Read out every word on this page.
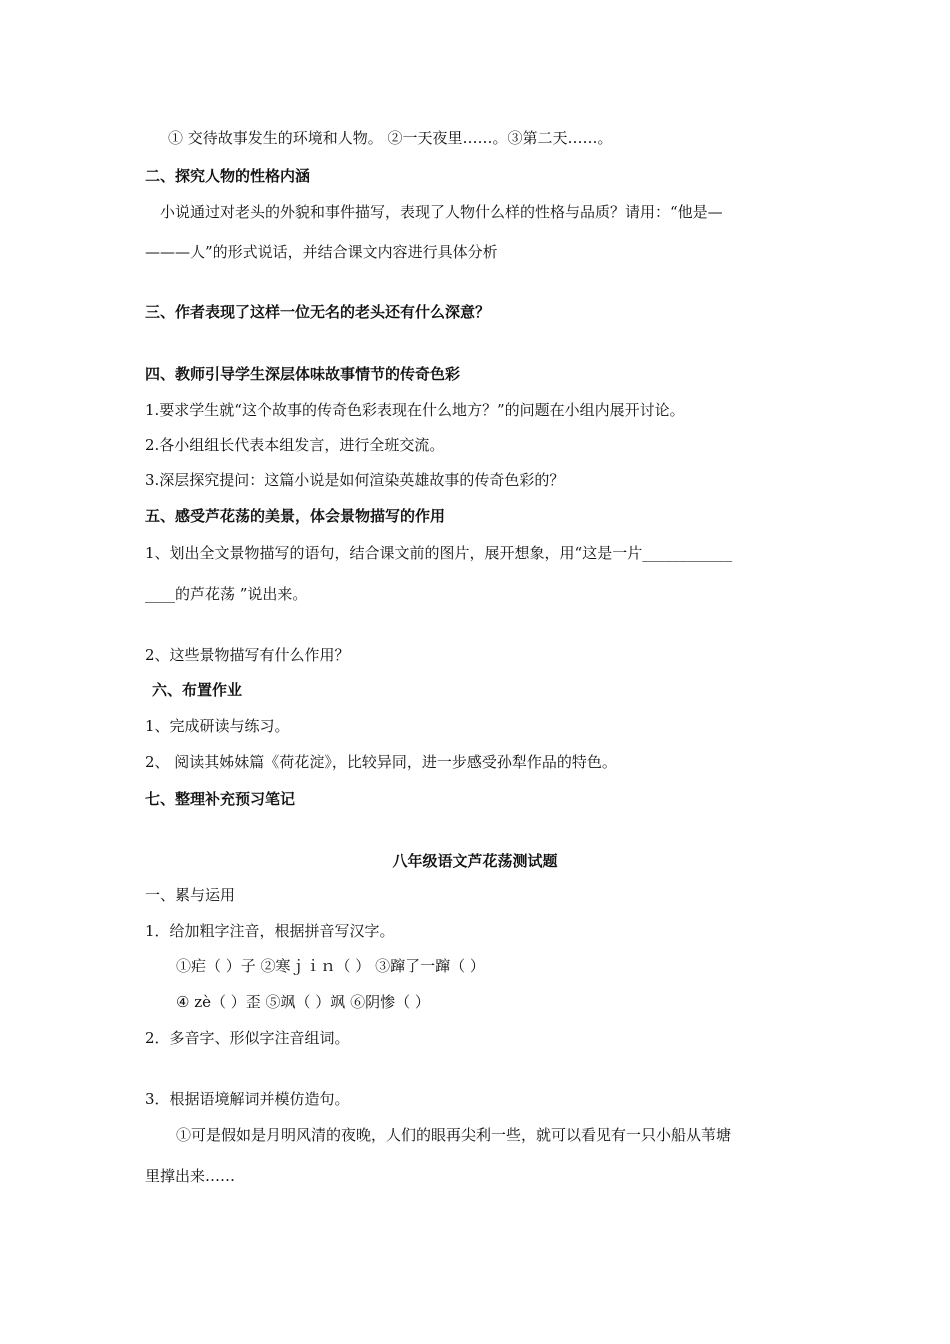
① 交待故事发生的环境和人物。 ②一天夜里……。③第二天……。
二、探究人物的性格内涵
小说通过对老头的外貌和事件描写，表现了人物什么样的性格与品质？请用：“他是—
———人”的形式说话，并结合课文内容进行具体分析
三、作者表现了这样一位无名的老头还有什么深意？
四、教师引导学生深层体味故事情节的传奇色彩
1.要求学生就“这个故事的传奇色彩表现在什么地方？”的问题在小组内展开讨论。
2.各小组组长代表本组发言，进行全班交流。
3.深层探究提问：这篇小说是如何渲染英雄故事的传奇色彩的？
五、感受芦花荡的美景，体会景物描写的作用
1、划出全文景物描写的语句，结合课文前的图片，展开想象，用“这是一片____________
____的芦花荡 ”说出来。
2、这些景物描写有什么作用？
六、布置作业
1、完成研读与练习。
2、 阅读其姊妹篇《荷花淀》，比较异同，进一步感受孙犁作品的特色。
七、整理补充预习笔记
八年级语文芦花荡测试题
一、累与运用
1．给加粗字注音，根据拼音写汉字。
①疟（ ）子 ②寒ｊｉｎ（ ） ③蹿了一蹿（ ）
④ zè（ ）歪 ⑤飒（ ）飒 ⑥阴惨（ ）
2．多音字、形似字注音组词。
3．根据语境解词并模仿造句。
①可是假如是月明风清的夜晚，人们的眼再尖利一些，就可以看见有一只小船从苇塘
里撑出来……
